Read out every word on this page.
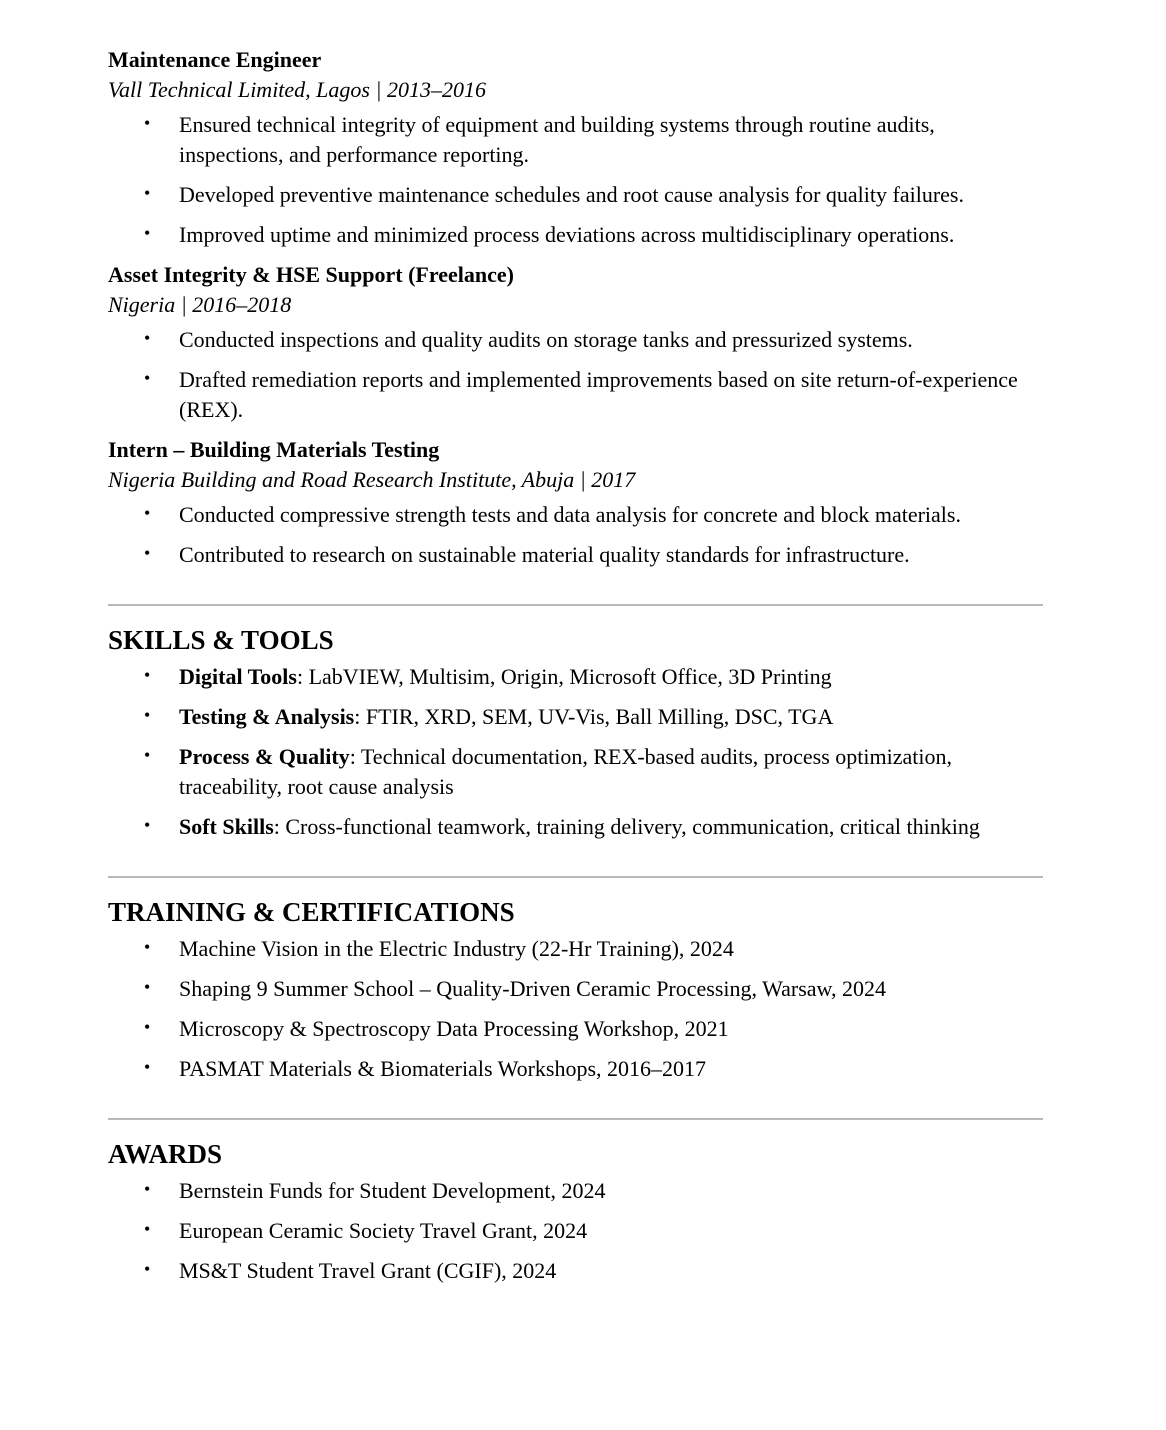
Maintenance Engineer
Vall Technical Limited, Lagos | 2013–2016
• Ensured technical integrity of equipment and building systems through routine audits, inspections, and performance reporting.
• Developed preventive maintenance schedules and root cause analysis for quality failures.
• Improved uptime and minimized process deviations across multidisciplinary operations.
Asset Integrity & HSE Support (Freelance)
Nigeria | 2016–2018
• Conducted inspections and quality audits on storage tanks and pressurized systems.
• Drafted remediation reports and implemented improvements based on site return-of-experience (REX).
Intern – Building Materials Testing
Nigeria Building and Road Research Institute, Abuja | 2017
• Conducted compressive strength tests and data analysis for concrete and block materials.
• Contributed to research on sustainable material quality standards for infrastructure.
SKILLS & TOOLS
• Digital Tools: LabVIEW, Multisim, Origin, Microsoft Office, 3D Printing
• Testing & Analysis: FTIR, XRD, SEM, UV-Vis, Ball Milling, DSC, TGA
• Process & Quality: Technical documentation, REX-based audits, process optimization, traceability, root cause analysis
• Soft Skills: Cross-functional teamwork, training delivery, communication, critical thinking
TRAINING & CERTIFICATIONS
• Machine Vision in the Electric Industry (22-Hr Training), 2024
• Shaping 9 Summer School – Quality-Driven Ceramic Processing, Warsaw, 2024
• Microscopy & Spectroscopy Data Processing Workshop, 2021
• PASMAT Materials & Biomaterials Workshops, 2016–2017
AWARDS
• Bernstein Funds for Student Development, 2024
• European Ceramic Society Travel Grant, 2024
• MS&T Student Travel Grant (CGIF), 2024
